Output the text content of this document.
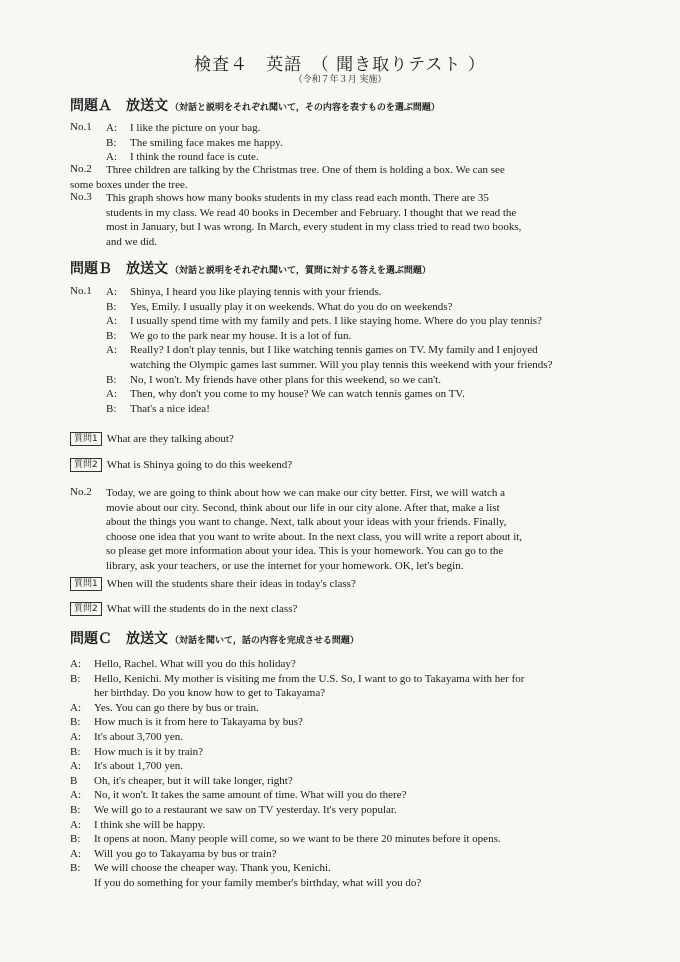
検査４　英語　（ 聞き取りテスト ）
（令和７年３月 実施）
問題Ａ 放送文 （対話と説明をそれぞれ聞いて，その内容を表すものを選ぶ問題）
No.1 A:	I like the picture on your bag.
B:	The smiling face makes me happy.
A:	I think the round face is cute.
No.2 Three children are talking by the Christmas tree. One of them is holding a box. We can see
some boxes under the tree.
No.3 This graph shows how many books students in my class read each month. There are 35
students in my class. We read 40 books in December and February. I thought that we read the
most in January, but I was wrong. In March, every student in my class tried to read two books,
and we did.
問題Ｂ 放送文 （対話と説明をそれぞれ聞いて，質問に対する答えを選ぶ問題）
No.1 A:	Shinya, I heard you like playing tennis with your friends.
B:	Yes, Emily. I usually play it on weekends. What do you do on weekends?
A:	I usually spend time with my family and pets. I like staying home. Where do you play tennis?
B:	We go to the park near my house. It is a lot of fun.
A:	Really? I don't play tennis, but I like watching tennis games on TV. My family and I enjoyed
watching the Olympic games last summer. Will you play tennis this weekend with your friends?
B:	No, I won't. My friends have other plans for this weekend, so we can't.
A:	Then, why don't you come to my house? We can watch tennis games on TV.
B:	That's a nice idea!
質問1 What are they talking about?
質問2 What is Shinya going to do this weekend?
No.2 Today, we are going to think about how we can make our city better. First, we will watch a
movie about our city. Second, think about our life in our city alone. After that, make a list
about the things you want to change. Next, talk about your ideas with your friends. Finally,
choose one idea that you want to write about. In the next class, you will write a report about it,
so please get more information about your idea. This is your homework. You can go to the
library, ask your teachers, or use the internet for your homework. OK, let's begin.
質問1 When will the students share their ideas in today's class?
質問2 What will the students do in the next class?
問題Ｃ 放送文 （対話を聞いて，話の内容を完成させる問題）
A:	Hello, Rachel. What will you do this holiday?
B:	Hello, Kenichi. My mother is visiting me from the U.S. So, I want to go to Takayama with her for
her birthday. Do you know how to get to Takayama?
A:	Yes. You can go there by bus or train.
B:	How much is it from here to Takayama by bus?
A:	It's about 3,700 yen.
B:	How much is it by train?
A:	It's about 1,700 yen.
B	Oh, it's cheaper, but it will take longer, right?
A:	No, it won't. It takes the same amount of time. What will you do there?
B:	We will go to a restaurant we saw on TV yesterday. It's very popular.
A:	I think she will be happy.
B:	It opens at noon. Many people will come, so we want to be there 20 minutes before it opens.
A:	Will you go to Takayama by bus or train?
B:	We will choose the cheaper way. Thank you, Kenichi.
If you do something for your family member's birthday, what will you do?
